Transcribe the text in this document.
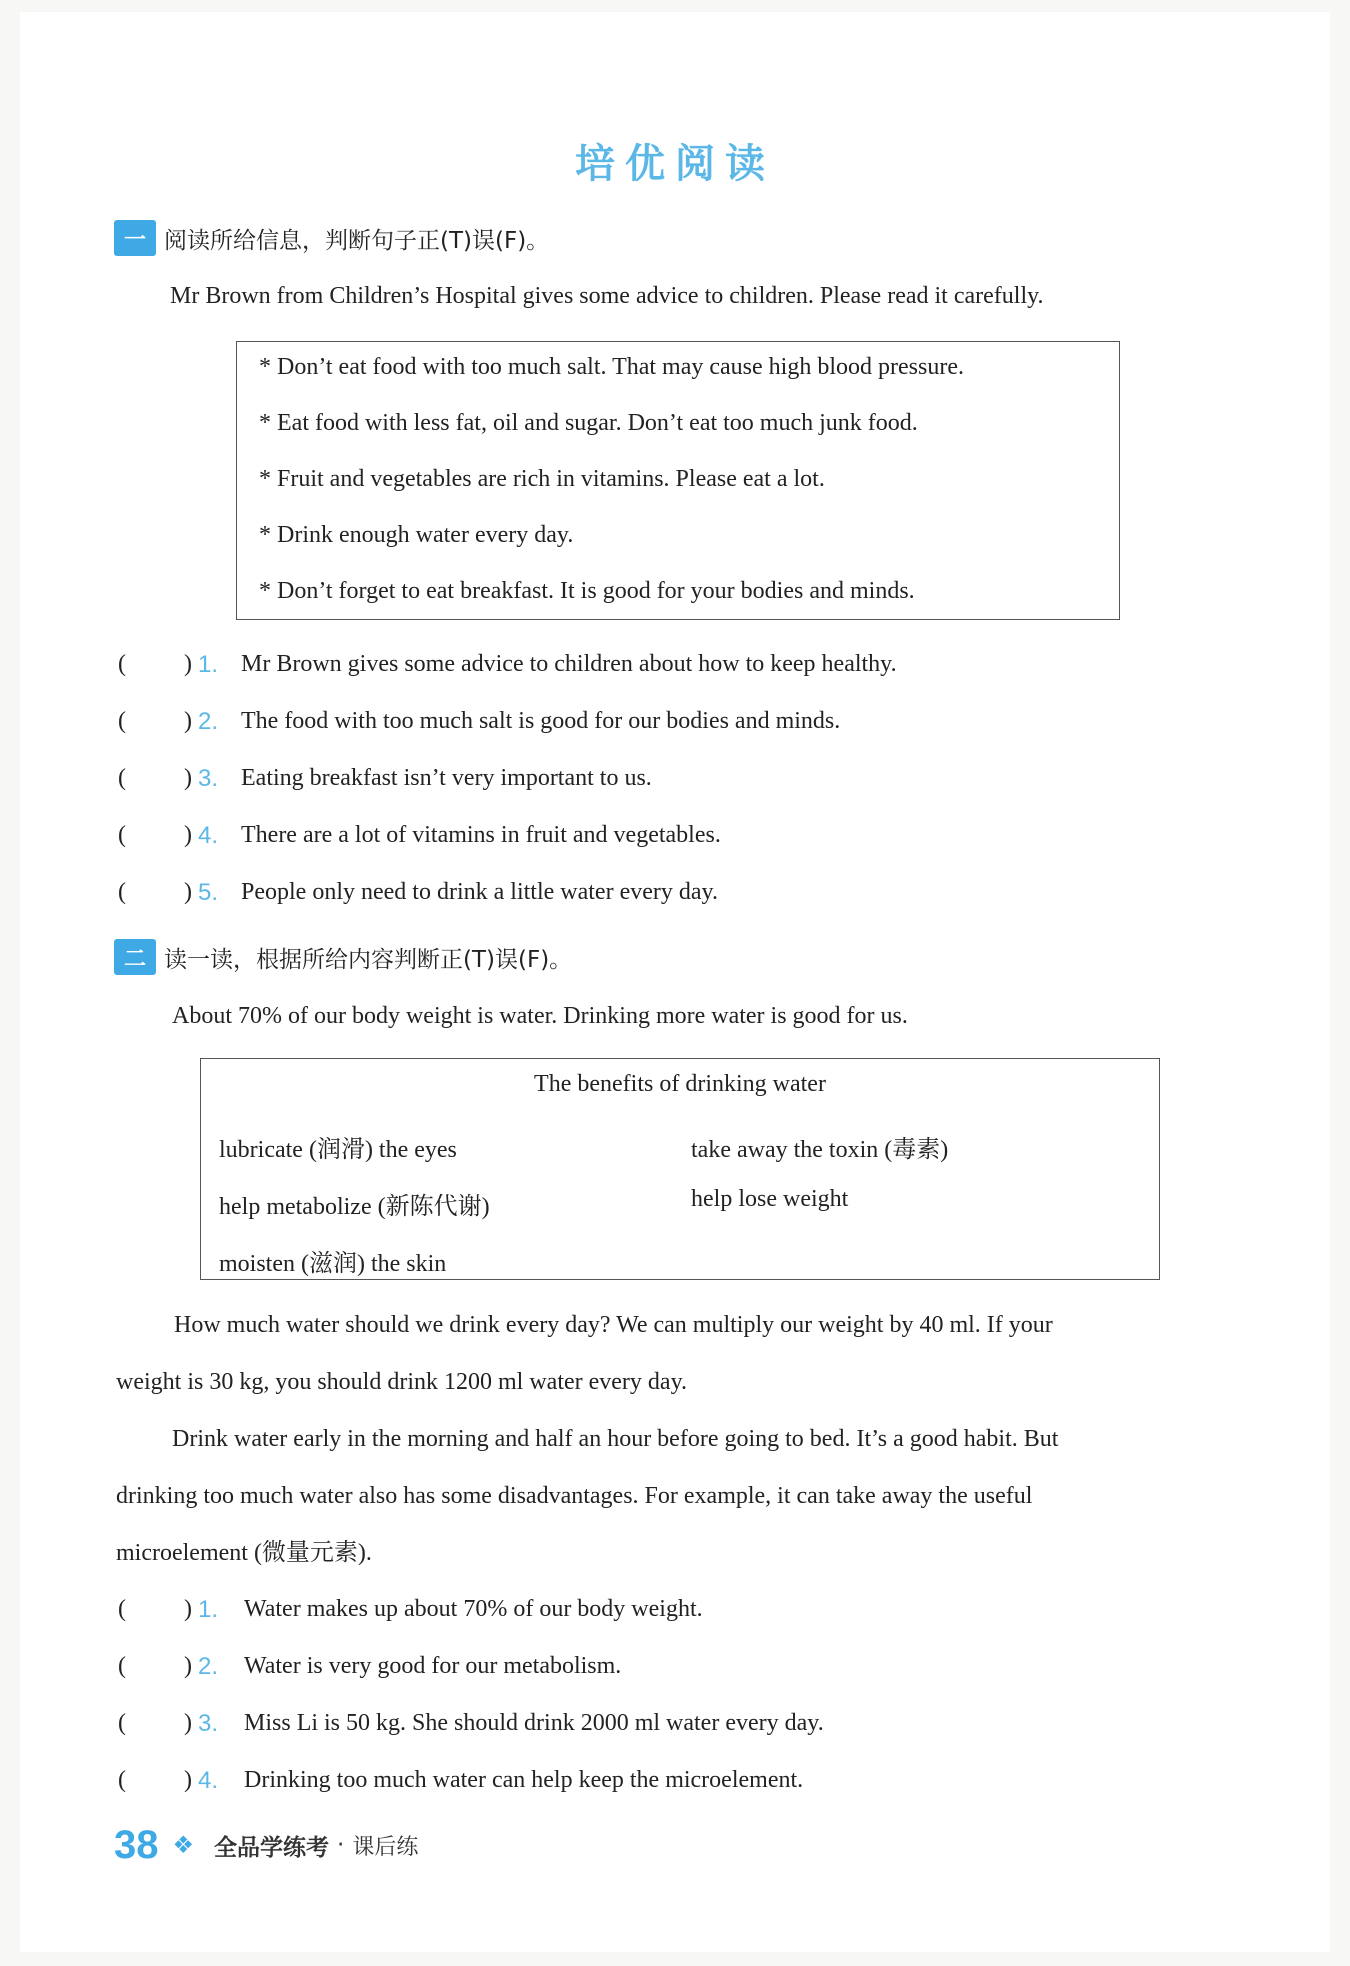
培优阅读
一 阅读所给信息，判断句子正(T)误(F)。
Mr Brown from Children’s Hospital gives some advice to children. Please read it carefully.
* Don’t eat food with too much salt. That may cause high blood pressure.
* Eat food with less fat, oil and sugar. Don’t eat too much junk food.
* Fruit and vegetables are rich in vitamins. Please eat a lot.
* Drink enough water every day.
* Don’t forget to eat breakfast. It is good for your bodies and minds.
( ) 1. Mr Brown gives some advice to children about how to keep healthy.
( ) 2. The food with too much salt is good for our bodies and minds.
( ) 3. Eating breakfast isn’t very important to us.
( ) 4. There are a lot of vitamins in fruit and vegetables.
( ) 5. People only need to drink a little water every day.
二 读一读，根据所给内容判断正(T)误(F)。
About 70% of our body weight is water. Drinking more water is good for us.
The benefits of drinking water
lubricate (润滑) the eyes
help metabolize (新陈代谢)
moisten (滋润) the skin
take away the toxin (毒素)
help lose weight
How much water should we drink every day? We can multiply our weight by 40 ml. If your
weight is 30 kg, you should drink 1200 ml water every day.
Drink water early in the morning and half an hour before going to bed. It’s a good habit. But
drinking too much water also has some disadvantages. For example, it can take away the useful
microelement (微量元素).
( ) 1. Water makes up about 70% of our body weight.
( ) 2. Water is very good for our metabolism.
( ) 3. Miss Li is 50 kg. She should drink 2000 ml water every day.
( ) 4. Drinking too much water can help keep the microelement.
38 ❖ 全品学练考 · 课后练
